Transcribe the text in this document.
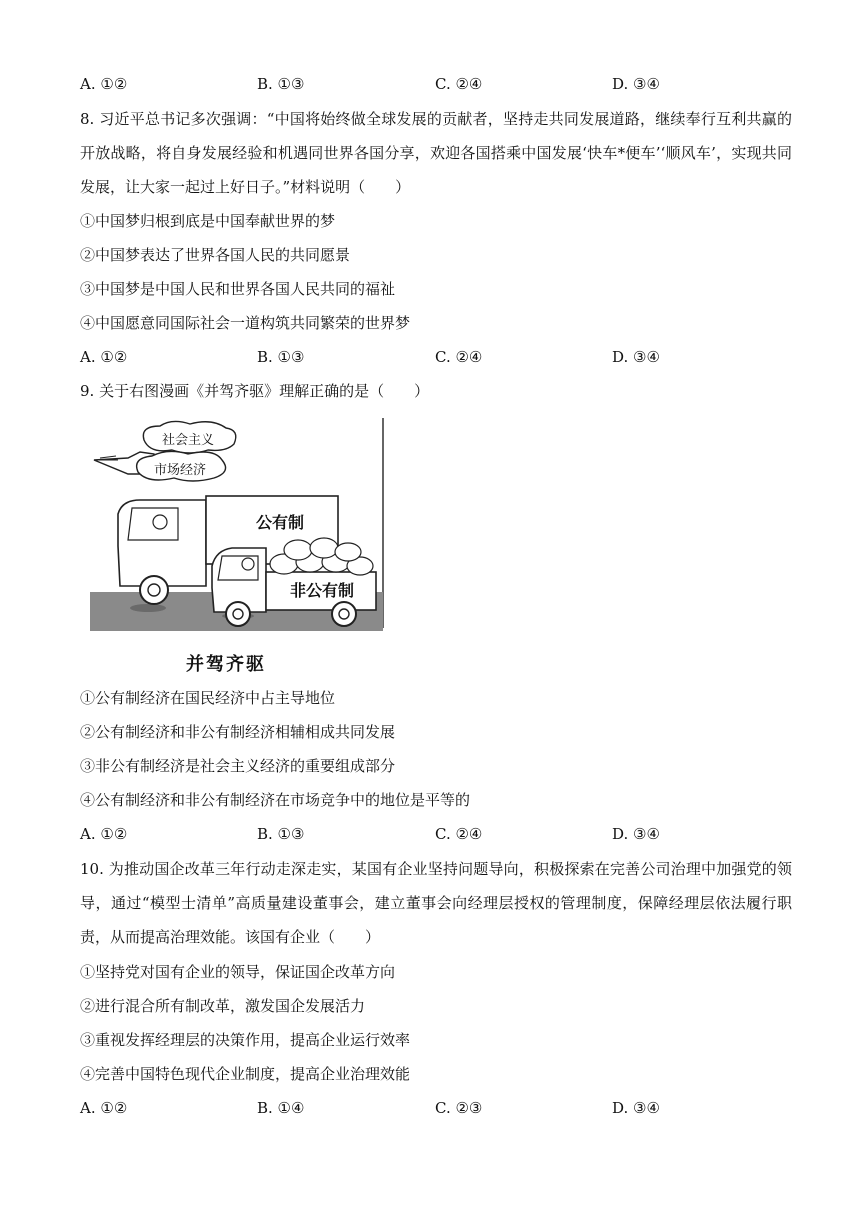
A. ①②	B. ①③	C. ②④	D. ③④
8. 习近平总书记多次强调：“中国将始终做全球发展的贡献者，坚持走共同发展道路，继续奉行互利共赢的开放战略，将自身发展经验和机遇同世界各国分享，欢迎各国搭乘中国发展‘快车*便车’‘顺风车’，实现共同发展，让大家一起过上好日子。”材料说明（　　）
①中国梦归根到底是中国奉献世界的梦
②中国梦表达了世界各国人民的共同愿景
③中国梦是中国人民和世界各国人民共同的福祉
④中国愿意同国际社会一道构筑共同繁荣的世界梦
A. ①②	B. ①③	C. ②④	D. ③④
9. 关于右图漫画《并驾齐驱》理解正确的是（　　）
社会主义
市场经济
公有制
非公有制
并驾齐驱
①公有制经济在国民经济中占主导地位
②公有制经济和非公有制经济相辅相成共同发展
③非公有制经济是社会主义经济的重要组成部分
④公有制经济和非公有制经济在市场竞争中的地位是平等的
A. ①②	B. ①③	C. ②④	D. ③④
10. 为推动国企改革三年行动走深走实，某国有企业坚持问题导向，积极探索在完善公司治理中加强党的领导，通过“模型士清单”高质量建设董事会，建立董事会向经理层授权的管理制度，保障经理层依法履行职责，从而提高治理效能。该国有企业（　　）
①坚持党对国有企业的领导，保证国企改革方向
②进行混合所有制改革，激发国企发展活力
③重视发挥经理层的决策作用，提高企业运行效率
④完善中国特色现代企业制度，提高企业治理效能
A. ①②	B. ①④	C. ②③	D. ③④
